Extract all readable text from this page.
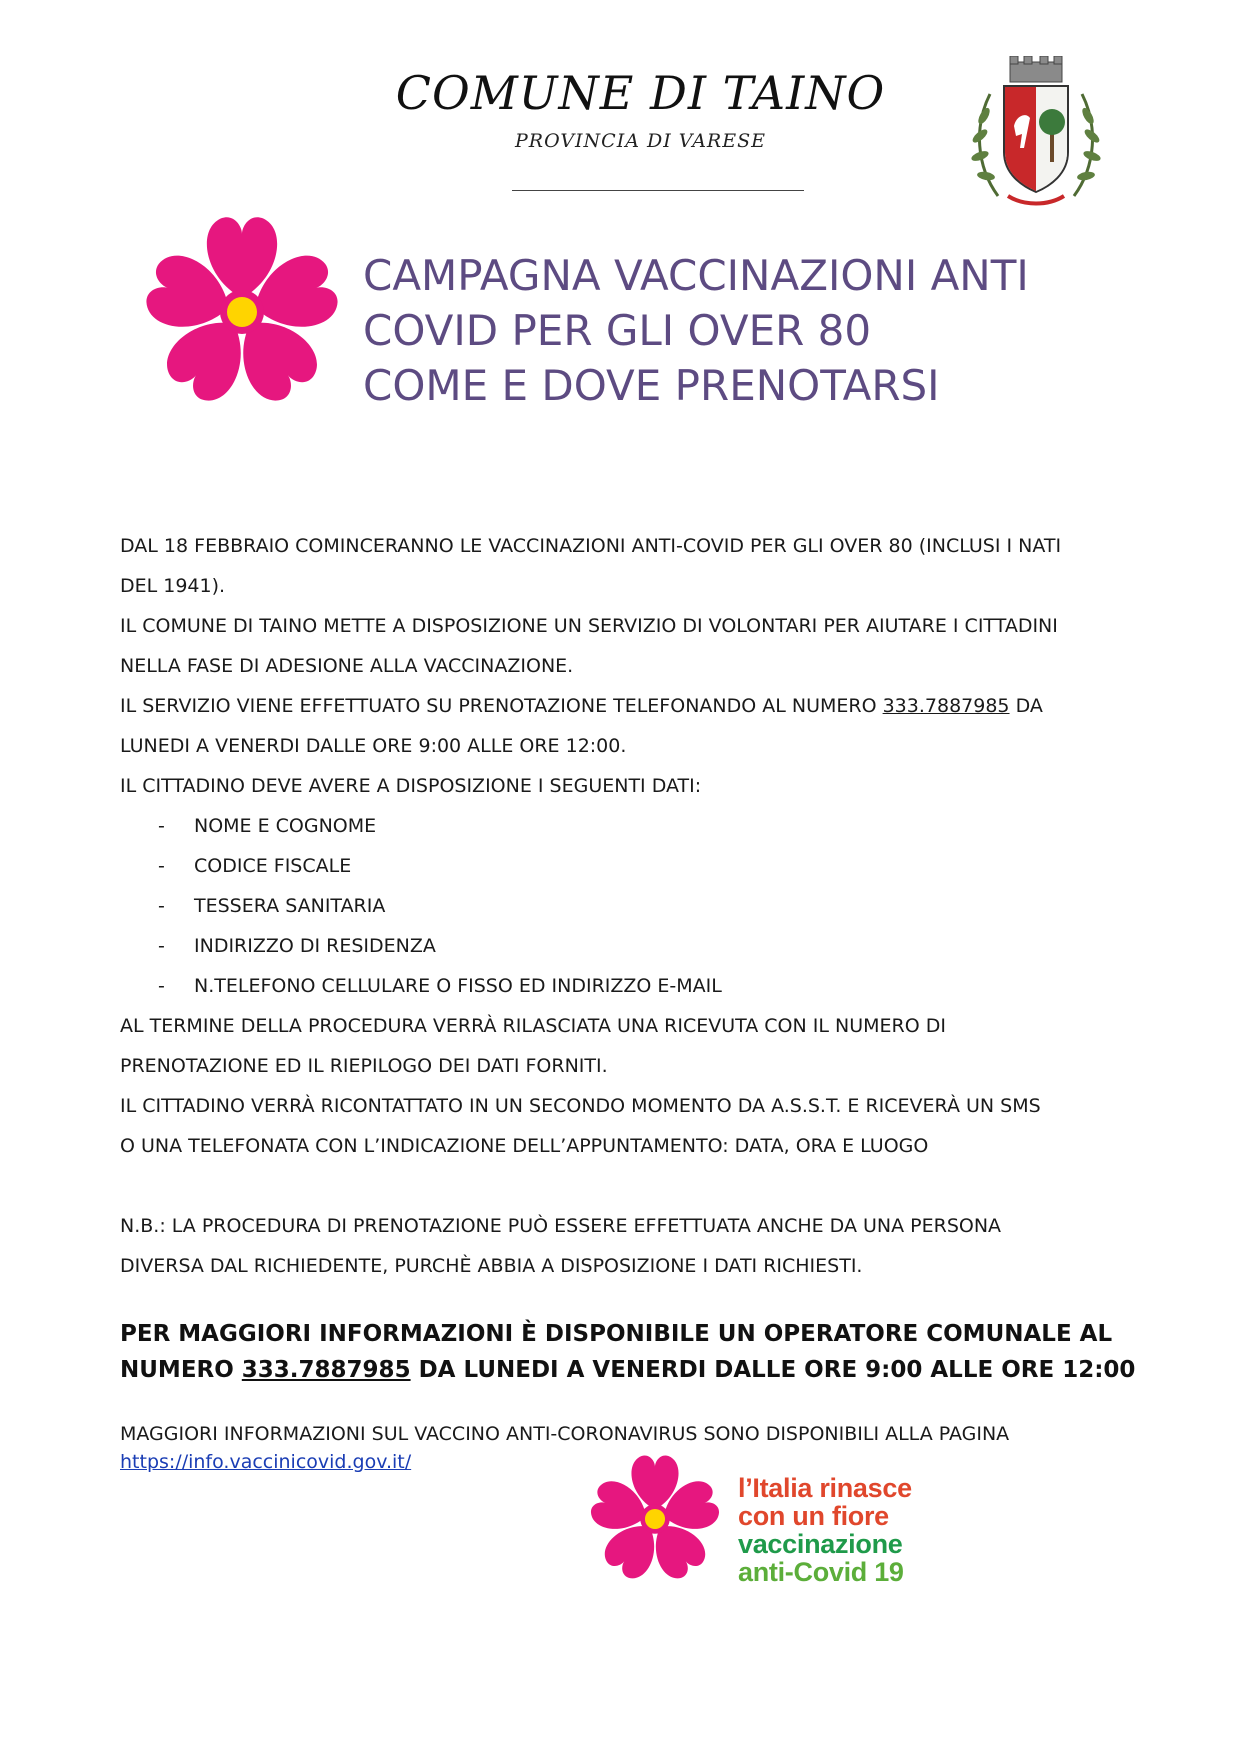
COMUNE DI TAINO
PROVINCIA DI VARESE
CAMPAGNA VACCINAZIONI ANTI
COVID PER GLI OVER 80
COME E DOVE PRENOTARSI
DAL 18 FEBBRAIO COMINCERANNO LE VACCINAZIONI ANTI-COVID PER GLI OVER 80 (INCLUSI I NATI
DEL 1941).
IL COMUNE DI TAINO METTE A DISPOSIZIONE UN SERVIZIO DI VOLONTARI PER AIUTARE I CITTADINI
NELLA FASE DI ADESIONE ALLA VACCINAZIONE.
IL SERVIZIO VIENE EFFETTUATO SU PRENOTAZIONE TELEFONANDO AL NUMERO 333.7887985 DA
LUNEDI A VENERDI DALLE ORE 9:00 ALLE ORE 12:00.
IL CITTADINO DEVE AVERE A DISPOSIZIONE I SEGUENTI DATI:
- NOME E COGNOME
- CODICE FISCALE
- TESSERA SANITARIA
- INDIRIZZO DI RESIDENZA
- N.TELEFONO CELLULARE O FISSO ED INDIRIZZO E-MAIL
AL TERMINE DELLA PROCEDURA VERRÀ RILASCIATA UNA RICEVUTA CON IL NUMERO DI
PRENOTAZIONE ED IL RIEPILOGO DEI DATI FORNITI.
IL CITTADINO VERRÀ RICONTATTATO IN UN SECONDO MOMENTO DA A.S.S.T. E RICEVERÀ UN SMS
O UNA TELEFONATA CON L’INDICAZIONE DELL’APPUNTAMENTO: DATA, ORA E LUOGO
N.B.: LA PROCEDURA DI PRENOTAZIONE PUÒ ESSERE EFFETTUATA ANCHE DA UNA PERSONA
DIVERSA DAL RICHIEDENTE, PURCHÈ ABBIA A DISPOSIZIONE I DATI RICHIESTI.
PER MAGGIORI INFORMAZIONI È DISPONIBILE UN OPERATORE COMUNALE AL
NUMERO 333.7887985 DA LUNEDI A VENERDI DALLE ORE 9:00 ALLE ORE 12:00
MAGGIORI INFORMAZIONI SUL VACCINO ANTI-CORONAVIRUS SONO DISPONIBILI ALLA PAGINA
https://info.vaccinicovid.gov.it/
l’Italia rinasce
con un fiore
vaccinazione
anti-Covid 19
